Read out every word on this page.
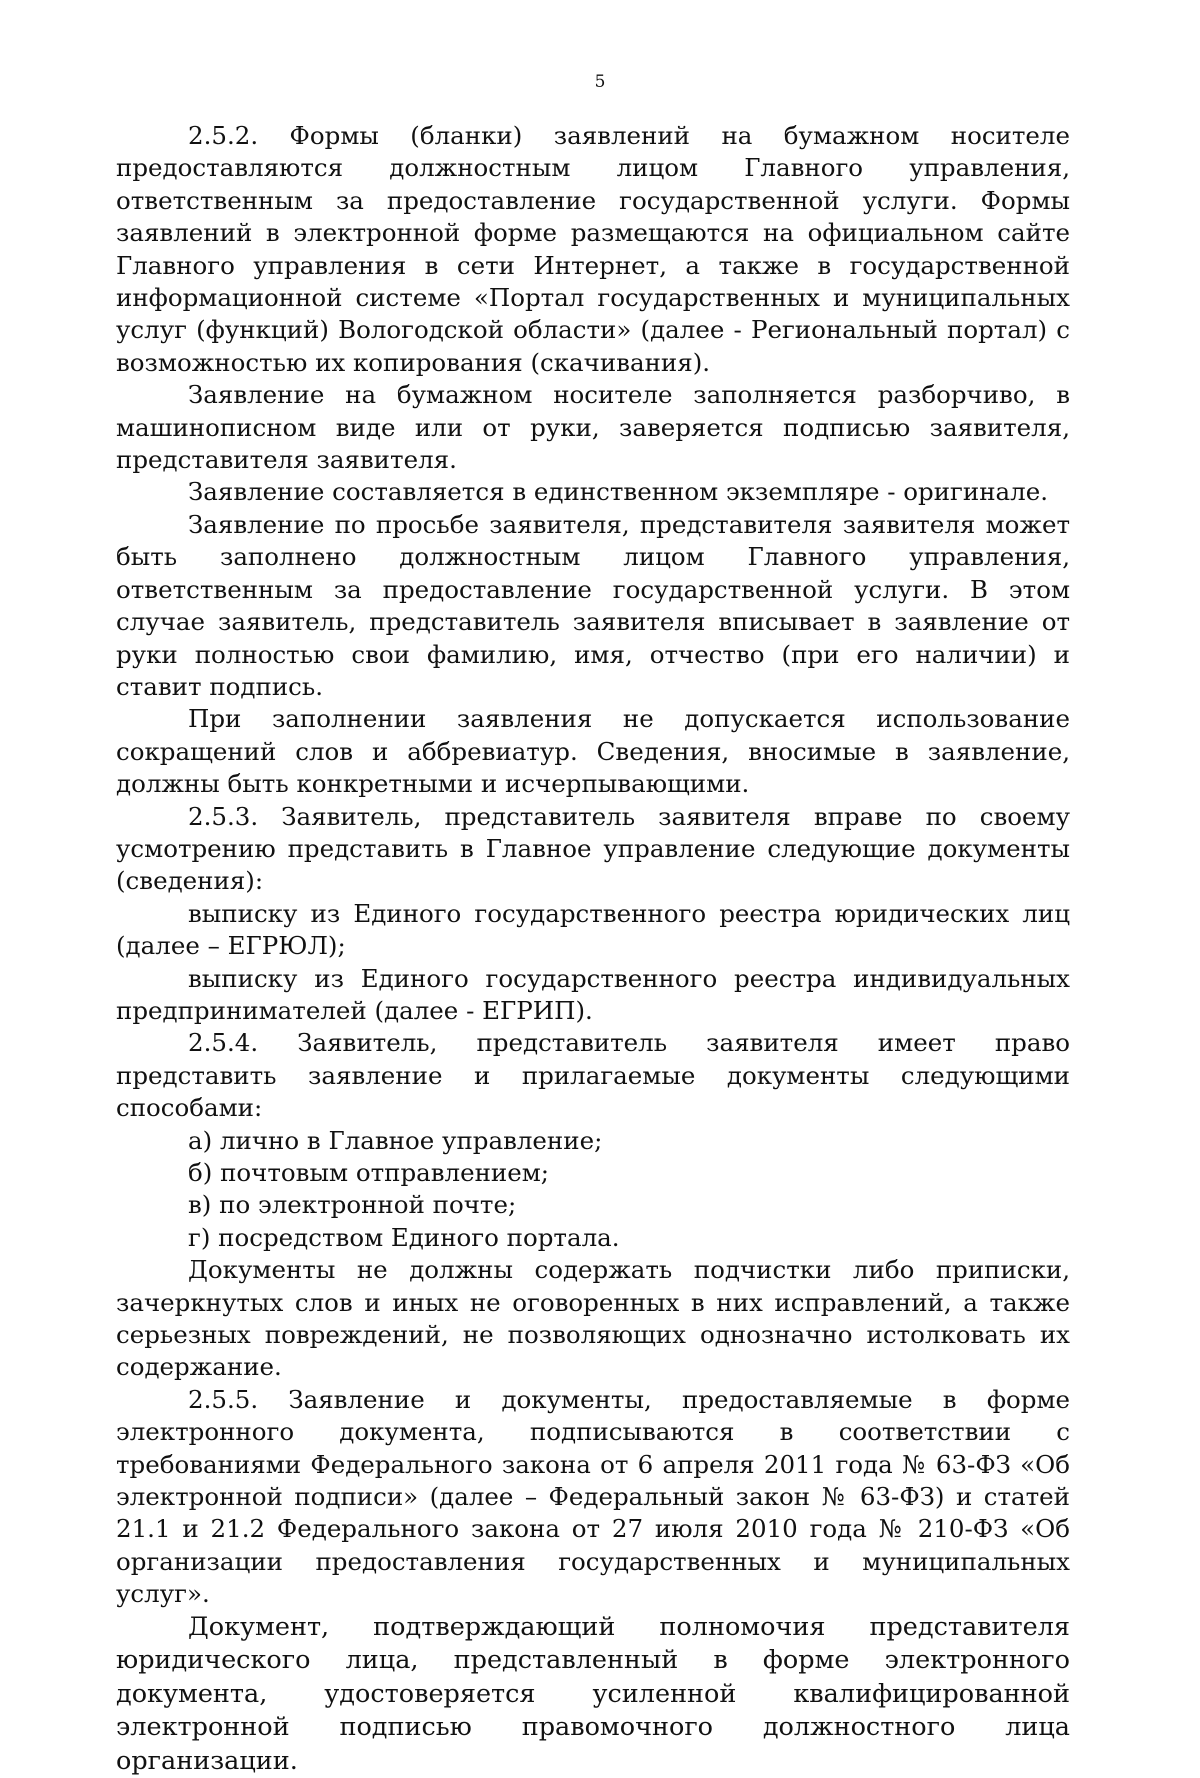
5

2.5.2. Формы (бланки) заявлений на бумажном носителе предоставляются должностным лицом Главного управления, ответственным за предоставление государственной услуги. Формы заявлений в электронной форме размещаются на официальном сайте Главного управления в сети Интернет, а также в государственной информационной системе «Портал государственных и муниципальных услуг (функций) Вологодской области» (далее - Региональный портал) с возможностью их копирования (скачивания).

Заявление на бумажном носителе заполняется разборчиво, в машинописном виде или от руки, заверяется подписью заявителя, представителя заявителя.

Заявление составляется в единственном экземпляре - оригинале.

Заявление по просьбе заявителя, представителя заявителя может быть заполнено должностным лицом Главного управления, ответственным за предоставление государственной услуги. В этом случае заявитель, представитель заявителя вписывает в заявление от руки полностью свои фамилию, имя, отчество (при его наличии) и ставит подпись.

При заполнении заявления не допускается использование сокращений слов и аббревиатур. Сведения, вносимые в заявление, должны быть конкретными и исчерпывающими.

2.5.3. Заявитель, представитель заявителя вправе по своему усмотрению представить в Главное управление следующие документы (сведения):

выписку из Единого государственного реестра юридических лиц (далее – ЕГРЮЛ);

выписку из Единого государственного реестра индивидуальных предпринимателей (далее - ЕГРИП).

2.5.4. Заявитель, представитель заявителя имеет право представить заявление и прилагаемые документы следующими способами:

а) лично в Главное управление;

б) почтовым отправлением;

в) по электронной почте;

г) посредством Единого портала.

Документы не должны содержать подчистки либо приписки, зачеркнутых слов и иных не оговоренных в них исправлений, а также серьезных повреждений, не позволяющих однозначно истолковать их содержание.

2.5.5. Заявление и документы, предоставляемые в форме электронного документа, подписываются в соответствии с требованиями Федерального закона от 6 апреля 2011 года № 63-ФЗ «Об электронной подписи» (далее – Федеральный закон № 63-ФЗ) и статей 21.1 и 21.2 Федерального закона от 27 июля 2010 года № 210-ФЗ «Об организации предоставления государственных и муниципальных услуг».

Документ, подтверждающий полномочия представителя юридического лица, представленный в форме электронного документа, удостоверяется усиленной квалифицированной электронной подписью правомочного должностного лица организации.
